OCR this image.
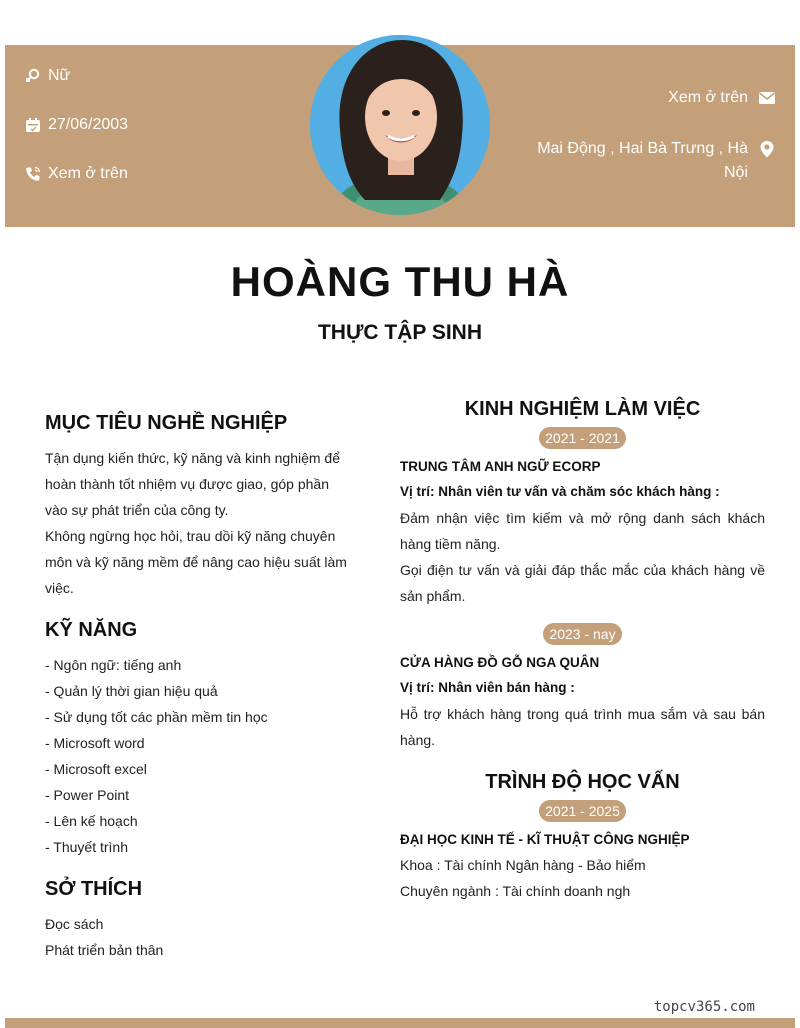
Nữ
27/06/2003
Xem ở trên
Xem ở trên
Mai Động , Hai Bà Trưng , Hà Nội
HOÀNG THU HÀ
THỰC TẬP SINH
MỤC TIÊU NGHỀ NGHIỆP

Tận dụng kiến thức, kỹ năng và kinh nghiệm để hoàn thành tốt nhiệm vụ được giao, góp phần vào sự phát triển của công ty.

Không ngừng học hỏi, trau dồi kỹ năng chuyên môn và kỹ năng mềm để nâng cao hiệu suất làm việc.

KỸ NĂNG
- Ngôn ngữ: tiếng anh
- Quản lý thời gian hiệu quả
- Sử dụng tốt các phần mềm tin học
- Microsoft word
- Microsoft excel
- Power Point
- Lên kế hoạch
- Thuyết trình
SỞ THÍCH
Đọc sách
Phát triển bản thân
KINH NGHIỆM LÀM VIỆC
2021 - 2021
TRUNG TÂM ANH NGỮ ECORP
Vị trí: Nhân viên tư vấn và chăm sóc khách hàng :

Đảm nhận việc tìm kiếm và mở rộng danh sách khách hàng tiềm năng.

Gọi điện tư vấn và giải đáp thắc mắc của khách hàng về sản phẩm.

2023 - nay
CỬA HÀNG ĐỒ GỖ NGA QUÂN
Vị trí: Nhân viên bán hàng :

Hỗ trợ khách hàng trong quá trình mua sắm và sau bán hàng.

TRÌNH ĐỘ HỌC VẤN
2021 - 2025
ĐẠI HỌC KINH TẾ - KĨ THUẬT CÔNG NGHIỆP
Khoa : Tài chính Ngân hàng - Bảo hiểm
Chuyên ngành : Tài chính doanh ngh
topcv365.com
